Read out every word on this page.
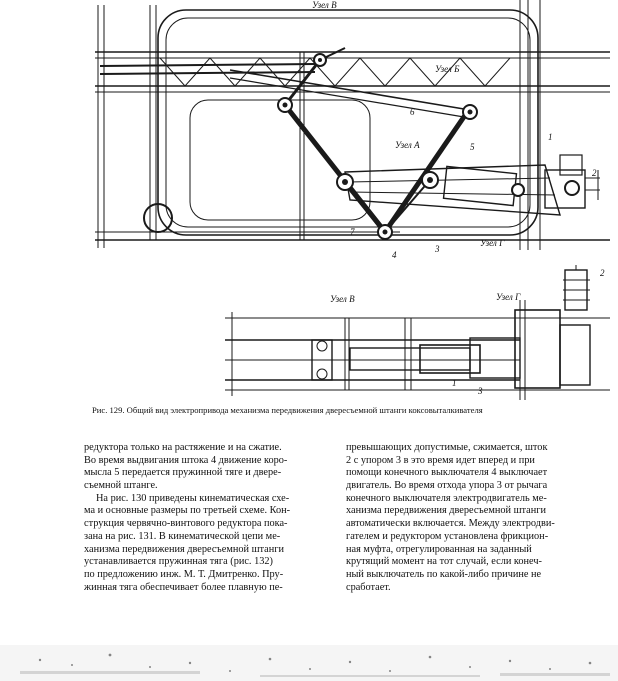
Узел В
Узел Б
Узел А
Узел Г
1
2
3
4
5
6
7
Узел В	Узел Г
1
2
3
Рис. 129. Общий вид электропривода механизма передвижения двересъемной штанги коксовыталкивателя

редуктора только на растяжение и на сжатие.

Во время выдвигания штока 4 движение коро-

мысла 5 передается пружинной тяге и двере-

съемной штанге.

На рис. 130 приведены кинематическая схе-

ма и основные размеры по третьей схеме. Кон-

струкция червячно-винтового редуктора пока-

зана на рис. 131. В кинематической цепи ме-

ханизма передвижения двересъемной штанги

устанавливается пружинная тяга (рис. 132)

по предложению инж. М. Т. Дмитренко. Пру-

жинная тяга обеспечивает более плавную пе-

превышающих допустимые, сжимается, шток

2 с упором 3 в это время идет вперед и при

помощи конечного выключателя 4 выключает

двигатель. Во время отхода упора 3 от рычага

конечного выключателя электродвигатель ме-

ханизма передвижения двересъемной штанги

автоматически включается. Между электродви-

гателем и редуктором установлена фрикцион-

ная муфта, отрегулированная на заданный

крутящий момент на тот случай, если конеч-

ный выключатель по какой-либо причине не

сработает.
